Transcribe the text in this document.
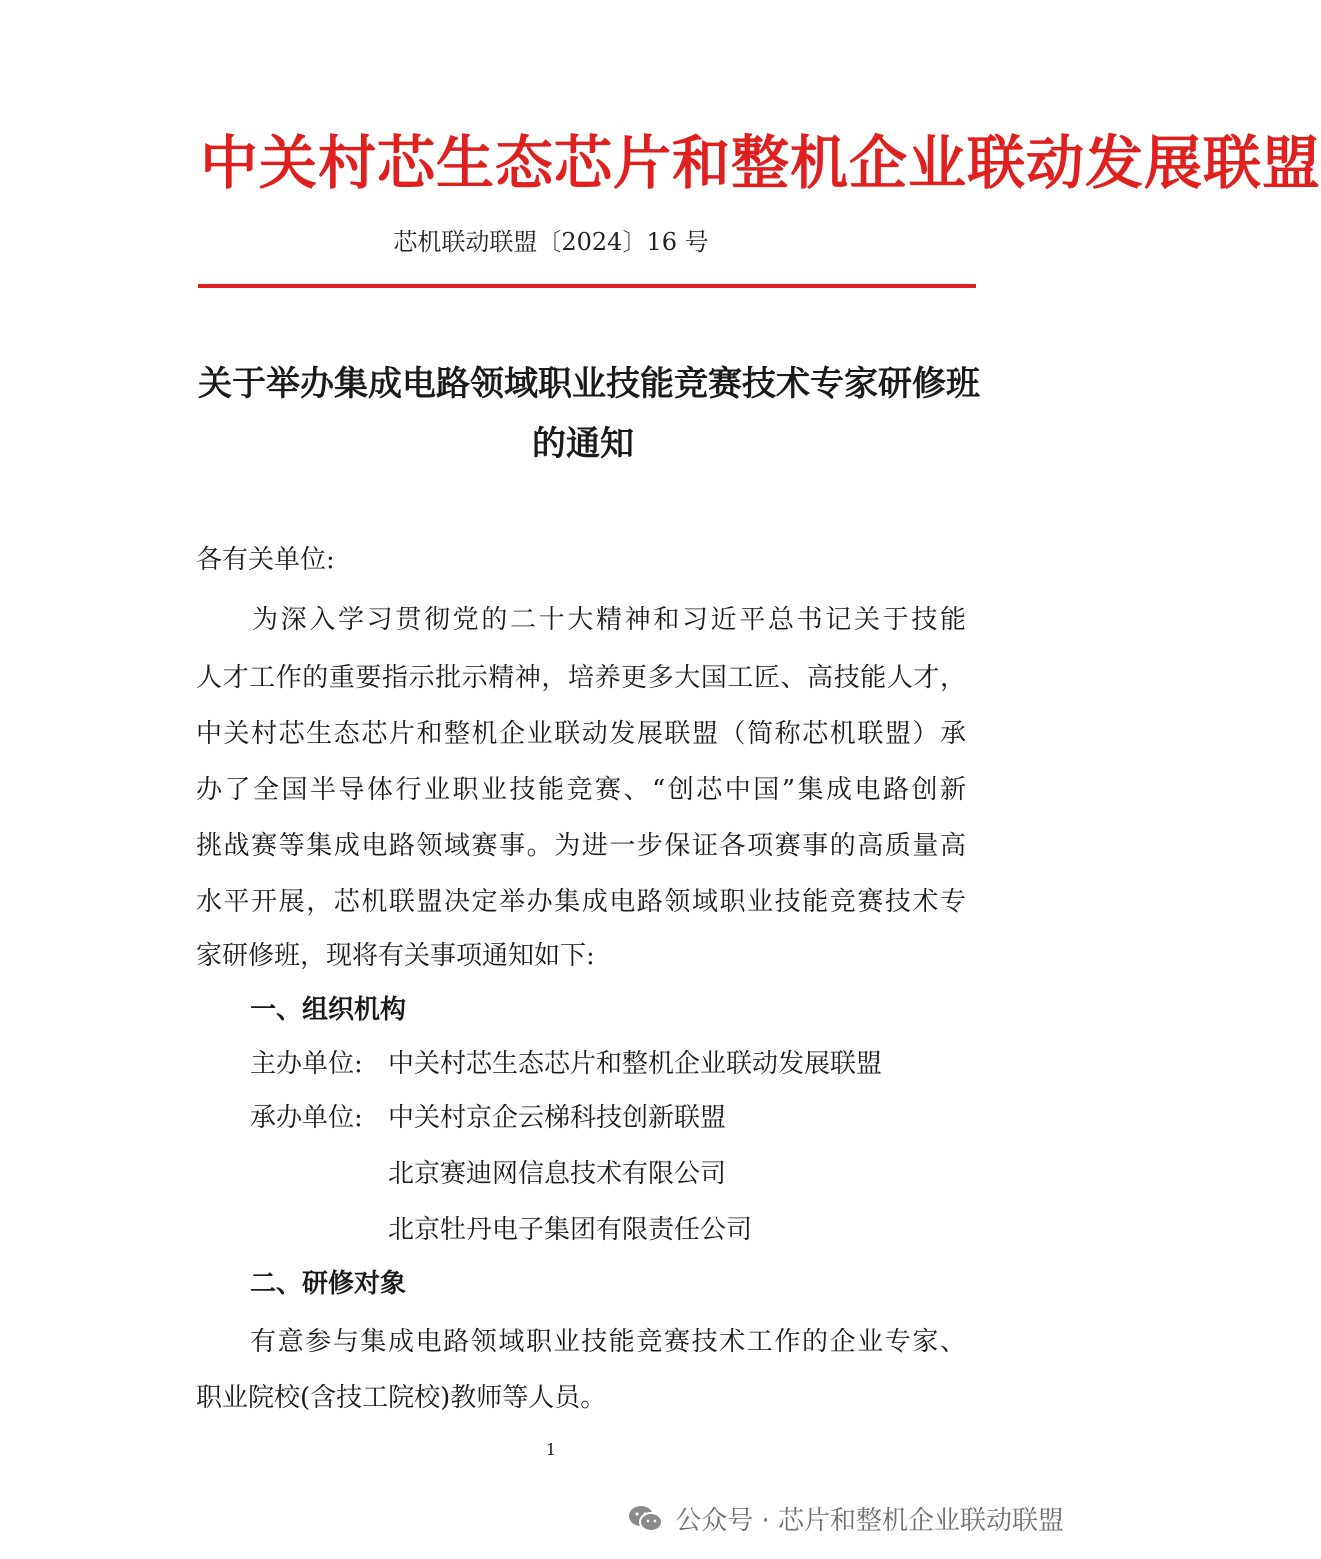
中关村芯生态芯片和整机企业联动发展联盟
芯机联动联盟〔2024〕16 号
关于举办集成电路领域职业技能竞赛技术专家研修班
的通知
各有关单位:
为深入学习贯彻党的二十大精神和习近平总书记关于技能
人才工作的重要指示批示精神，培养更多大国工匠、高技能人才，
中关村芯生态芯片和整机企业联动发展联盟（简称芯机联盟）承
办了全国半导体行业职业技能竞赛、“创芯中国”集成电路创新
挑战赛等集成电路领域赛事。为进一步保证各项赛事的高质量高
水平开展，芯机联盟决定举办集成电路领域职业技能竞赛技术专
家研修班，现将有关事项通知如下:
一、组织机构
主办单位: 中关村芯生态芯片和整机企业联动发展联盟
承办单位: 中关村京企云梯科技创新联盟
北京赛迪网信息技术有限公司
北京牡丹电子集团有限责任公司
二、研修对象
有意参与集成电路领域职业技能竞赛技术工作的企业专家、
职业院校(含技工院校)教师等人员。
1
公众号 · 芯片和整机企业联动联盟
